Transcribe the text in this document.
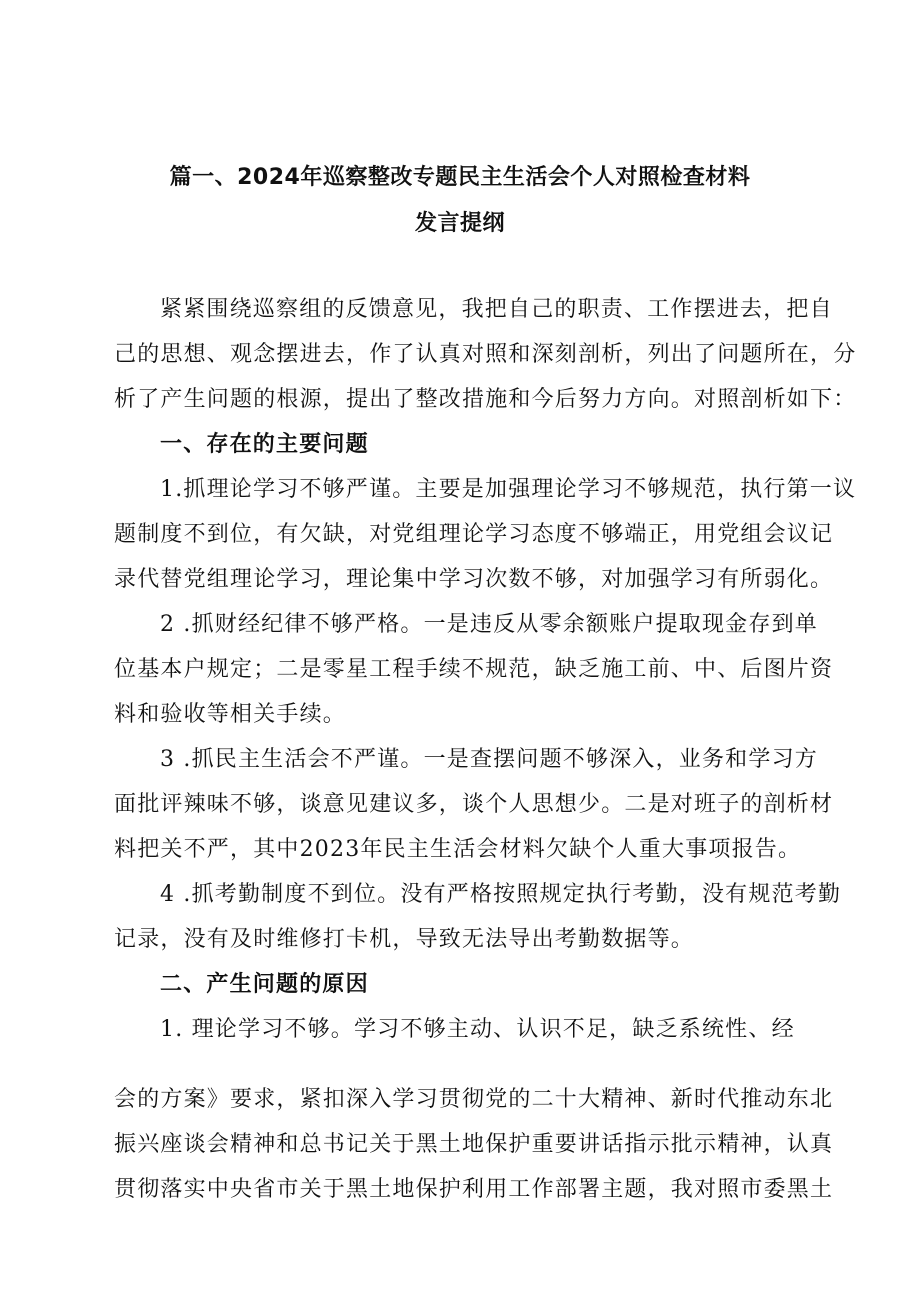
篇一、2024年巡察整改专题民主生活会个人对照检查材料
发言提纲
紧紧围绕巡察组的反馈意见，我把自己的职责、工作摆进去，把自
己的思想、观念摆进去，作了认真对照和深刻剖析，列出了问题所在，分
析了产生问题的根源，提出了整改措施和今后努力方向。对照剖析如下：
一、存在的主要问题
1.抓理论学习不够严谨。主要是加强理论学习不够规范，执行第一议
题制度不到位，有欠缺，对党组理论学习态度不够端正，用党组会议记
录代替党组理论学习，理论集中学习次数不够，对加强学习有所弱化。
2 .抓财经纪律不够严格。一是违反从零余额账户提取现金存到单
位基本户规定；二是零星工程手续不规范，缺乏施工前、中、后图片资
料和验收等相关手续。
3 .抓民主生活会不严谨。一是查摆问题不够深入，业务和学习方
面批评辣味不够，谈意见建议多，谈个人思想少。二是对班子的剖析材
料把关不严，其中2023年民主生活会材料欠缺个人重大事项报告。
4 .抓考勤制度不到位。没有严格按照规定执行考勤，没有规范考勤
记录，没有及时维修打卡机，导致无法导出考勤数据等。
二、产生问题的原因
1. 理论学习不够。学习不够主动、认识不足，缺乏系统性、经
会的方案》要求，紧扣深入学习贯彻党的二十大精神、新时代推动东北
振兴座谈会精神和总书记关于黑土地保护重要讲话指示批示精神，认真
贯彻落实中央省市关于黑土地保护利用工作部署主题，我对照市委黑土
